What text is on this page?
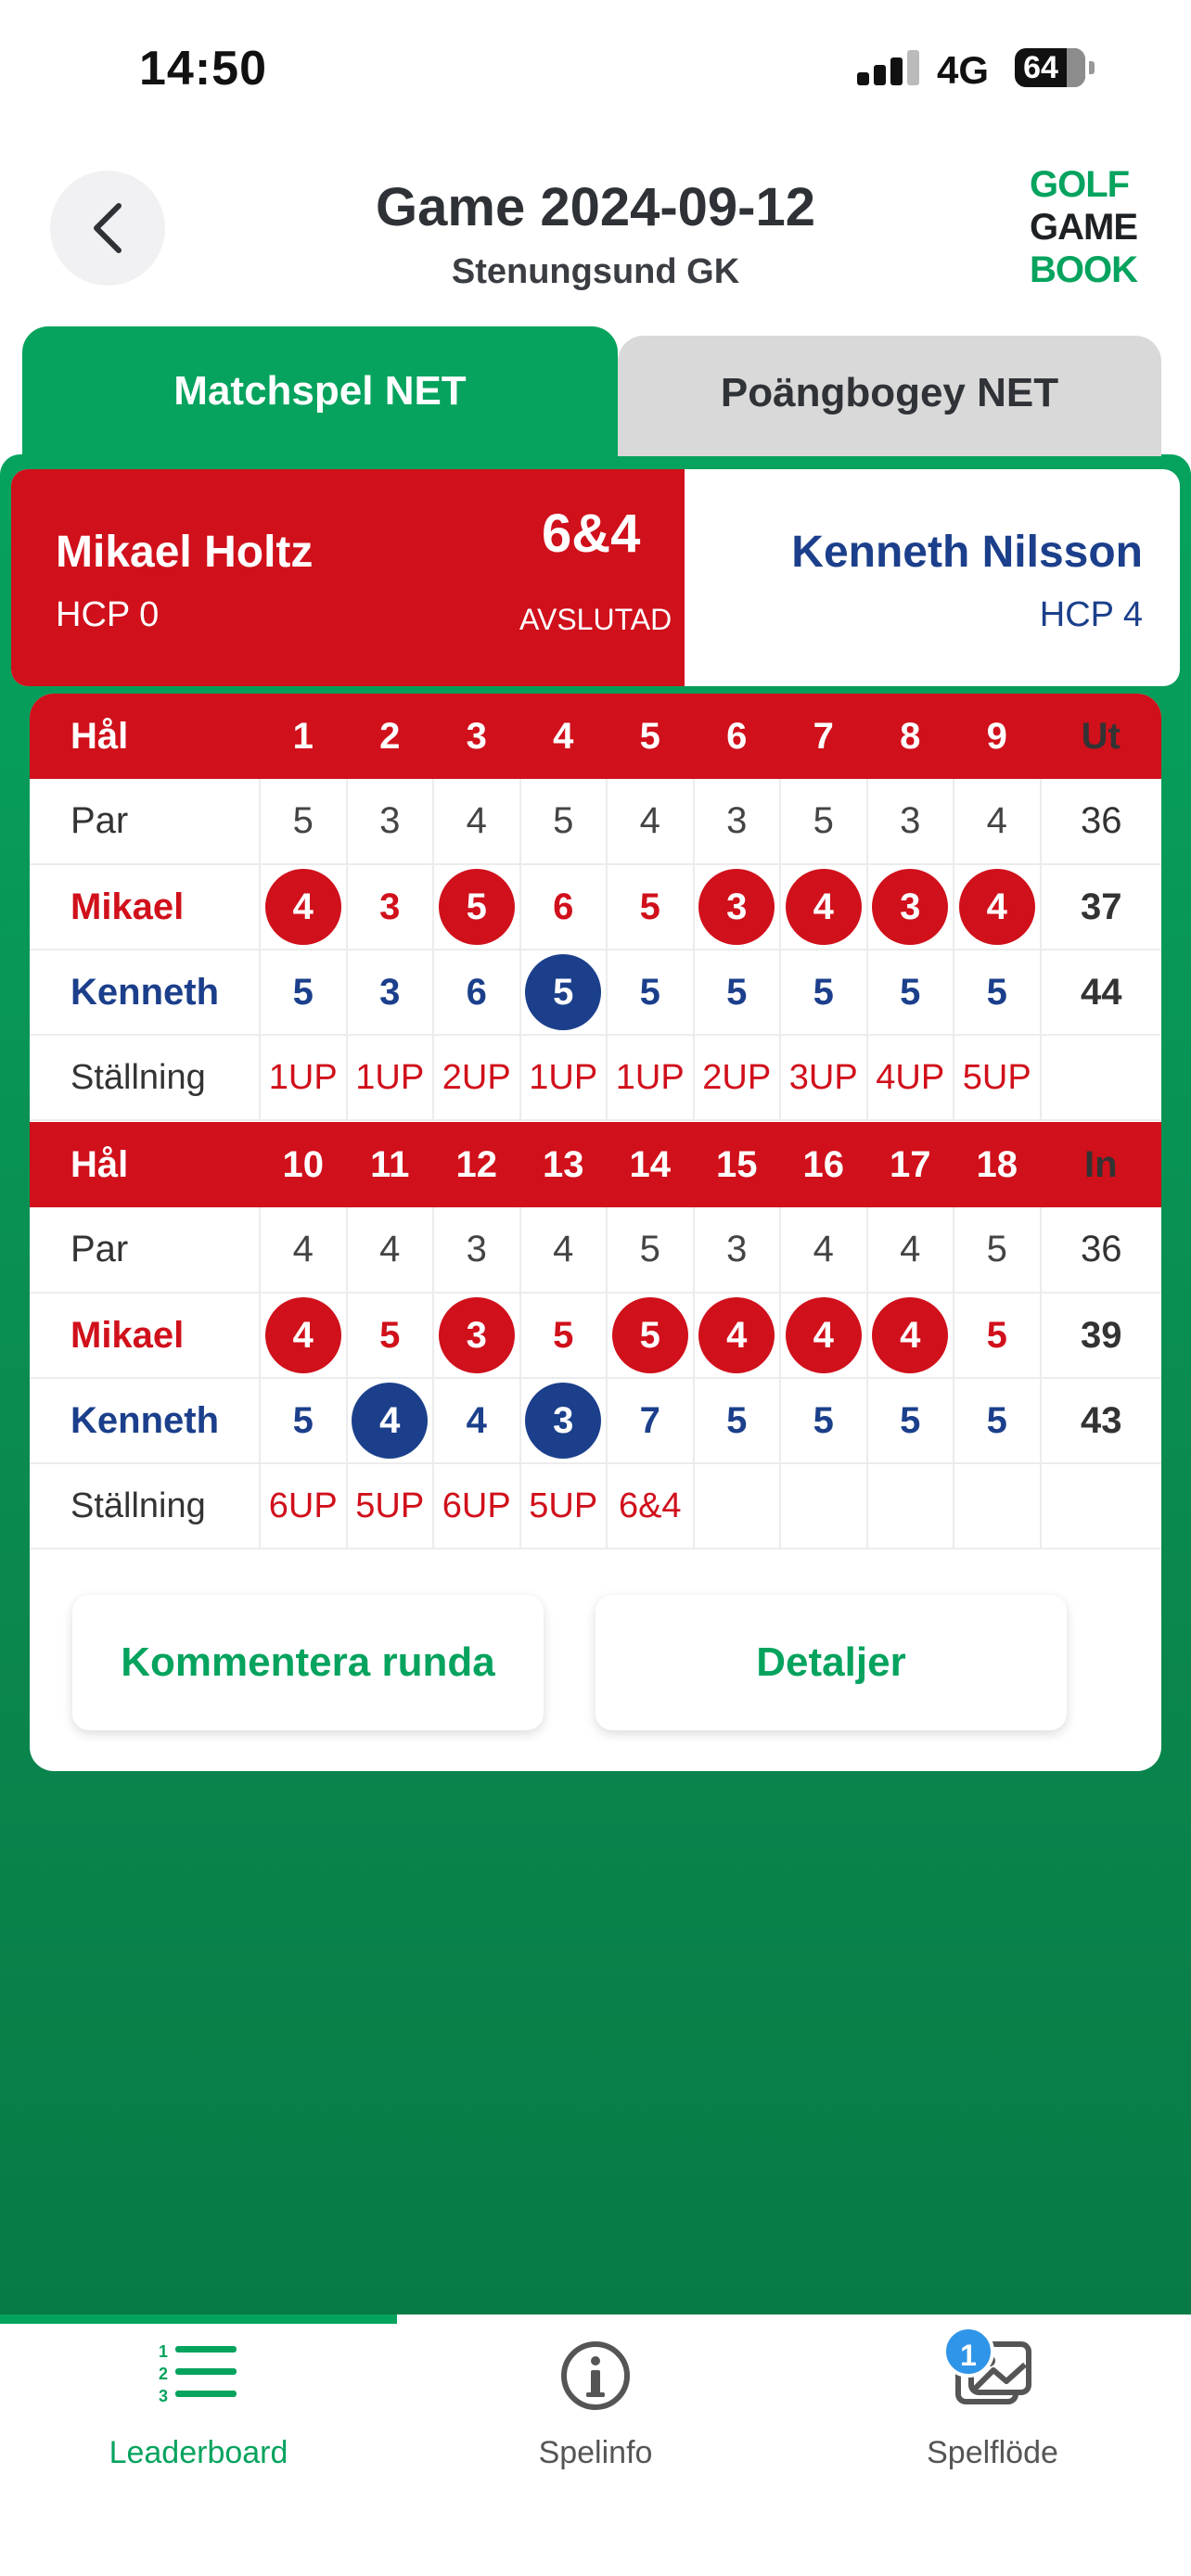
14:50	4G 64
Game 2024-09-12
Stenungsund GK
GOLF
GAME
BOOK
Poängbogey NET
Matchspel NET
Mikael Holtz
HCP 0
6&4
AVSLUTAD
Kenneth Nilsson
HCP 4
Hål	1	2	3	4	5	6	7	8	9	Ut
Par	5	3	4	5	4	3	5	3	4	36
Mikael	4	3	5	6	5	3	4	3	4	37
Kenneth	5	3	6	5	5	5	5	5	5	44
Ställning	1UP	1UP	2UP	1UP	1UP	2UP	3UP	4UP	5UP	
Hål	10	11	12	13	14	15	16	17	18	In
Par	4	4	3	4	5	3	4	4	5	36
Mikael	4	5	3	5	5	4	4	4	5	39
Kenneth	5	4	4	3	7	5	5	5	5	43
Ställning	6UP	5UP	6UP	5UP	6&4					
Kommentera runda	Detaljer
1
2
3
Leaderboard	Spelinfo	Spelflöde
1
